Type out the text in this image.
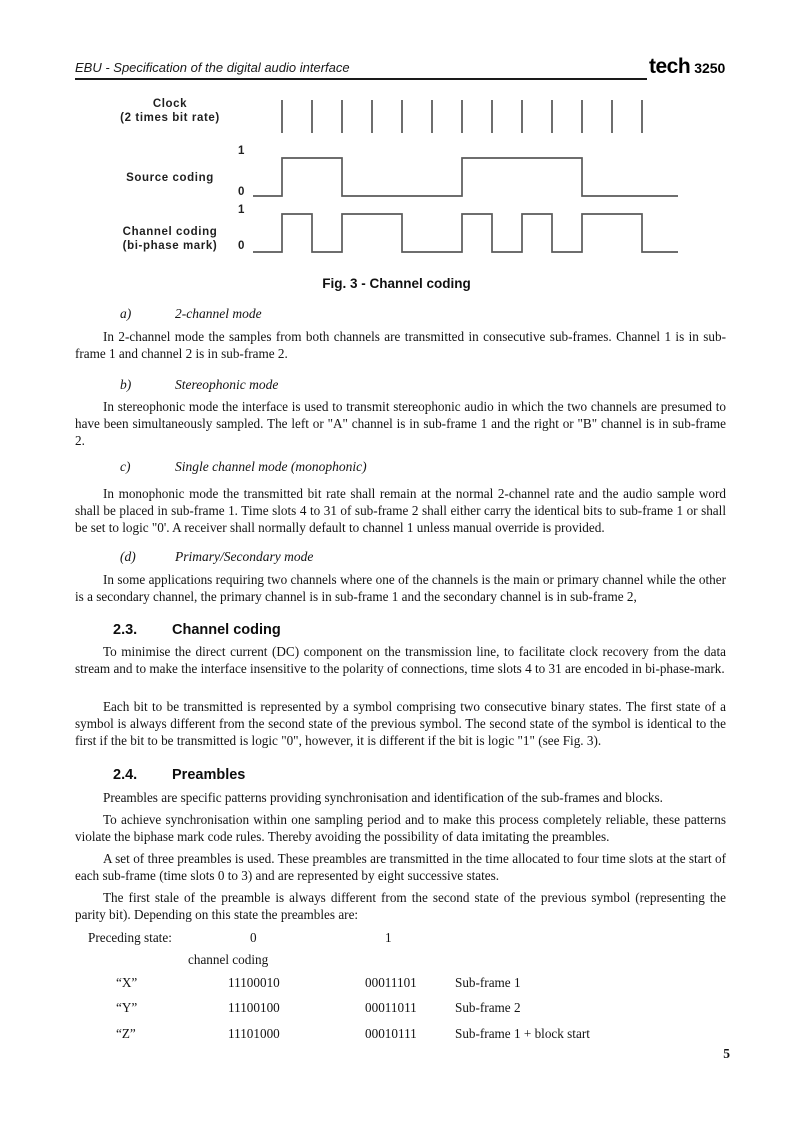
EBU - Specification of the digital audio interface	tech 3250
Clock
(2 times bit rate)
Source coding
Channel coding
(bi-phase mark)
1
0
1
0
Fig. 3 - Channel coding
a)	2-channel mode

In 2-channel mode the samples from both channels are transmitted in consecutive sub-frames. Channel 1 is in sub-frame 1 and channel 2 is in sub-frame 2.

b)	Stereophonic mode

In stereophonic mode the interface is used to transmit stereophonic audio in which the two channels are presumed to have been simultaneously sampled. The left or "A" channel is in sub-frame 1 and the right or "B" channel is in sub-frame 2.

c)	Single channel mode (monophonic)

In monophonic mode the transmitted bit rate shall remain at the normal 2-channel rate and the audio sample word shall be placed in sub-frame 1. Time slots 4 to 31 of sub-frame 2 shall either carry the identical bits to sub-frame 1 or shall be set to logic "0'. A receiver shall normally default to channel 1 unless manual override is provided.

(d)	Primary/Secondary mode

In some applications requiring two channels where one of the channels is the main or primary channel while the other is a secondary channel, the primary channel is in sub-frame 1 and the secondary channel is in sub-frame 2,

2.3. Channel coding

To minimise the direct current (DC) component on the transmission line, to facilitate clock recovery from the data stream and to make the interface insensitive to the polarity of connections, time slots 4 to 31 are encoded in bi-phase-mark.

Each bit to be transmitted is represented by a symbol comprising two consecutive binary states. The first state of a symbol is always different from the second state of the previous symbol. The second state of the symbol is identical to the first if the bit to be transmitted is logic "0", however, it is different if the bit is logic "1" (see Fig. 3).

2.4. Preambles

Preambles are specific patterns providing synchronisation and identification of the sub-frames and blocks.

To achieve synchronisation within one sampling period and to make this process completely reliable, these patterns violate the biphase mark code rules. Thereby avoiding the possibility of data imitating the preambles.

A set of three preambles is used. These preambles are transmitted in the time allocated to four time slots at the start of each sub-frame (time slots 0 to 3) and are represented by eight successive states.

The first stale of the preamble is always different from the second state of the previous symbol (representing the parity bit). Depending on this state the preambles are:

Preceding state:	0	1
channel coding
“X”	11100010	00011101	Sub-frame 1
“Y”	11100100	00011011	Sub-frame 2
“Z”	11101000	00010111	Sub-frame 1 + block start
5
